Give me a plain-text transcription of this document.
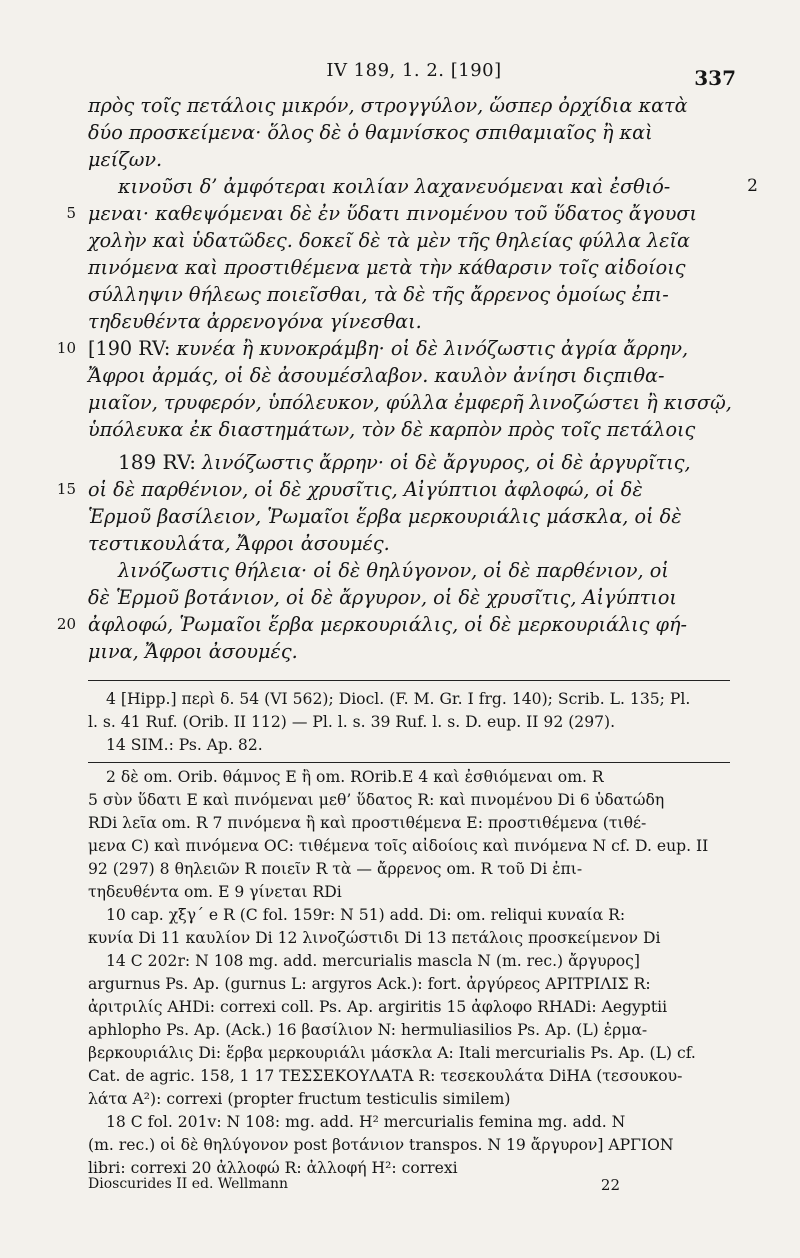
IV 189, 1. 2. [190]	337
πρὸς τοῖς πετάλοις μικρόν, στρογγύλον, ὥσπερ ὀρχίδια κατὰ
δύο προσκείμενα· ὅλος δὲ ὁ θαμνίσκος σπιθαμιαῖος ἢ καὶ
μείζων.
2
κινοῦσι δ’ ἀμφότεραι κοιλίαν λαχανευόμεναι καὶ ἐσθιό-
5 μεναι· καθεψόμεναι δὲ ἐν ὕδατι πινομένου τοῦ ὕδατος ἄγουσι
χολὴν καὶ ὑδατῶδες. δοκεῖ δὲ τὰ μὲν τῆς θηλείας φύλλα λεῖα
πινόμενα καὶ προστιθέμενα μετὰ τὴν κάθαρσιν τοῖς αἰδοίοις
σύλληψιν θήλεως ποιεῖσθαι, τὰ δὲ τῆς ἄρρενος ὁμοίως ἐπι-
τηδευθέντα ἀρρενογόνα γίνεσθαι.
10 [190 RV: κυνέα ἢ κυνοκράμβη· οἱ δὲ λινόζωστις ἀγρία ἄρρην,
Ἄφροι ἀρμάς, οἱ δὲ ἀσουμέσλαβον. καυλὸν ἀνίησι διςπιθα-
μιαῖον, τρυφερόν, ὑπόλευκον, φύλλα ἐμφερῆ λινοζώστει ἢ κισσῷ,
ὑπόλευκα ἐκ διαστημάτων, τὸν δὲ καρπὸν πρὸς τοῖς πετάλοις
189 RV: λινόζωστις ἄρρην· οἱ δὲ ἄργυρος, οἱ δὲ ἀργυρῖτις,
15 οἱ δὲ παρθένιον, οἱ δὲ χρυσῖτις, Αἰγύπτιοι ἀφλοφώ, οἱ δὲ
Ἑρμοῦ βασίλειον, Ῥωμαῖοι ἕρβα μερκουριάλις μάσκλα, οἱ δὲ
τεστικουλάτα, Ἄφροι ἀσουμές.
λινόζωστις θήλεια· οἱ δὲ θηλύγονον, οἱ δὲ παρθένιον, οἱ
δὲ Ἑρμοῦ βοτάνιον, οἱ δὲ ἄργυρον, οἱ δὲ χρυσῖτις, Αἰγύπτιοι
20 ἀφλοφώ, Ῥωμαῖοι ἕρβα μερκουριάλις, οἱ δὲ μερκουριάλις φή-
μινα, Ἄφροι ἀσουμές.
4 [Hipp.] περὶ δ. 54 (VI 562); Diocl. (F. M. Gr. I frg. 140); Scrib. L. 135; Pl.
l. s. 41 Ruf. (Orib. II 112) — Pl. l. s. 39 Ruf. l. s. D. eup. II 92 (297).
14 SIM.: Ps. Ap. 82.
2 δὲ om. Orib. θάμνος E ἢ om. ROrib.E 4 καὶ ἐσθιόμεναι om. R
5 σὺν ὕδατι E καὶ πινόμεναι μεθ’ ὕδατος R: καὶ πινομένου Di 6 ὑδατώδη
RDi λεῖα om. R 7 πινόμενα ἢ καὶ προστιθέμενα E: προστιθέμενα (τιθέ-
μενα C) καὶ πινόμενα OC: τιθέμενα τοῖς αἰδοίοις καὶ πινόμενα N cf. D. eup. II
92 (297) 8 θηλειῶν R ποιεῖν R τὰ — ἄρρενος om. R τοῦ Di ἐπι-
τηδευθέντα om. E 9 γίνεται RDi
10 cap. χξγ´ e R (C fol. 159r: N 51) add. Di: om. reliqui κυναία R:
κυνία Di 11 καυλίον Di 12 λινοζώστιδι Di 13 πετάλοις προσκείμενον Di
14 C 202r: N 108 mg. add. mercurialis mascla N (m. rec.) ἄργυρος]
argurnus Ps. Ap. (gurnus L: argyros Ack.): fort. ἀργύρεος ΑΡΙΤΡΙΛΙΣ R:
ἀριτριλίς AHDi: correxi coll. Ps. Ap. argiritis 15 ἀφλοφο RHADi: Aegyptii
aphlopho Ps. Ap. (Ack.) 16 βασίλιον N: hermuliasilios Ps. Ap. (L) ἑρμα-
βερκουριάλις Di: ἕρβα μερκουριάλι μάσκλα A: Itali mercurialis Ps. Ap. (L) cf.
Cat. de agric. 158, 1 17 ΤΕΣΣΕΚΟΥΛΑΤΑ R: τεσεκουλάτα DiHA (τεσουκου-
λάτα A²): correxi (propter fructum testiculis similem)
18 C fol. 201v: N 108: mg. add. H² mercurialis femina mg. add. N
(m. rec.) οἱ δὲ θηλύγονον post βοτάνιον transpos. N 19 ἄργυρον] ΑΡΓΙΟΝ
libri: correxi 20 ἀλλοφώ R: ἀλλοφή H²: correxi
Dioscurides II ed. Wellmann	22
